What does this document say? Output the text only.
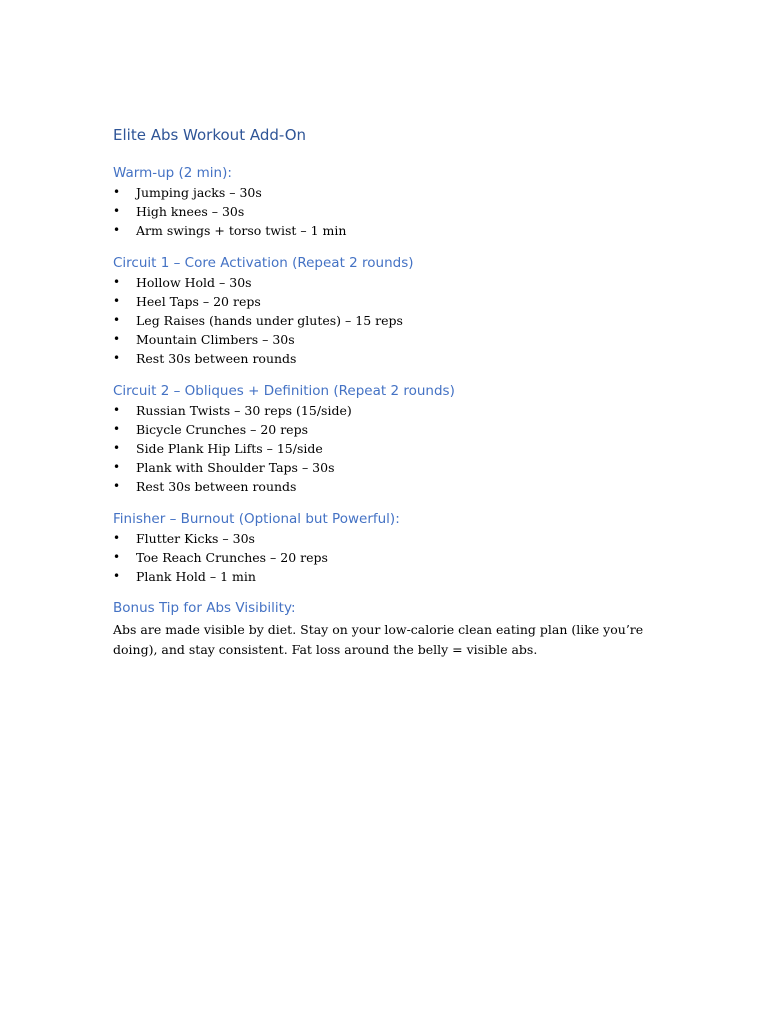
Elite Abs Workout Add-On
Warm-up (2 min):
• Jumping jacks – 30s
• High knees – 30s
• Arm swings + torso twist – 1 min
Circuit 1 – Core Activation (Repeat 2 rounds)
• Hollow Hold – 30s
• Heel Taps – 20 reps
• Leg Raises (hands under glutes) – 15 reps
• Mountain Climbers – 30s
• Rest 30s between rounds
Circuit 2 – Obliques + Definition (Repeat 2 rounds)
• Russian Twists – 30 reps (15/side)
• Bicycle Crunches – 20 reps
• Side Plank Hip Lifts – 15/side
• Plank with Shoulder Taps – 30s
• Rest 30s between rounds
Finisher – Burnout (Optional but Powerful):
• Flutter Kicks – 30s
• Toe Reach Crunches – 20 reps
• Plank Hold – 1 min
Bonus Tip for Abs Visibility:

Abs are made visible by diet. Stay on your low-calorie clean eating plan (like you’re doing), and stay consistent. Fat loss around the belly = visible abs.
